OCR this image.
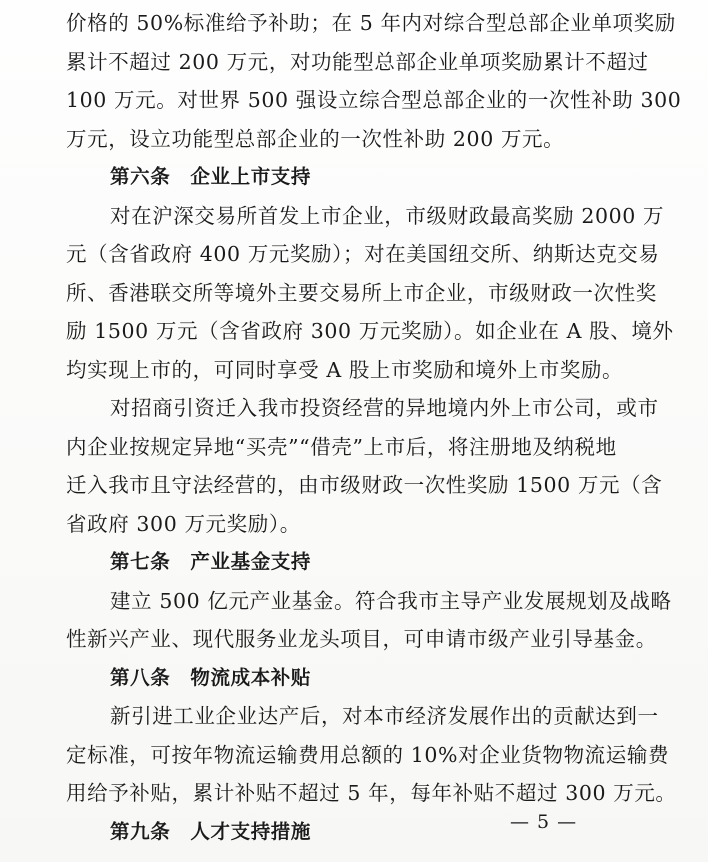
价格的 50%标准给予补助；在 5 年内对综合型总部企业单项奖励
累计不超过 200 万元，对功能型总部企业单项奖励累计不超过
100 万元。对世界 500 强设立综合型总部企业的一次性补助 300
万元，设立功能型总部企业的一次性补助 200 万元。
第六条　企业上市支持
对在沪深交易所首发上市企业，市级财政最高奖励 2000 万
元（含省政府 400 万元奖励）；对在美国纽交所、纳斯达克交易
所、香港联交所等境外主要交易所上市企业，市级财政一次性奖
励 1500 万元（含省政府 300 万元奖励）。如企业在 A 股、境外
均实现上市的，可同时享受 A 股上市奖励和境外上市奖励。
对招商引资迁入我市投资经营的异地境内外上市公司，或市
内企业按规定异地“买壳”“借壳”上市后，将注册地及纳税地
迁入我市且守法经营的，由市级财政一次性奖励 1500 万元（含
省政府 300 万元奖励）。
第七条　产业基金支持
建立 500 亿元产业基金。符合我市主导产业发展规划及战略
性新兴产业、现代服务业龙头项目，可申请市级产业引导基金。
第八条　物流成本补贴
新引进工业企业达产后，对本市经济发展作出的贡献达到一
定标准，可按年物流运输费用总额的 10%对企业货物物流运输费
用给予补贴，累计补贴不超过 5 年，每年补贴不超过 300 万元。
第九条　人才支持措施	— 5 —
